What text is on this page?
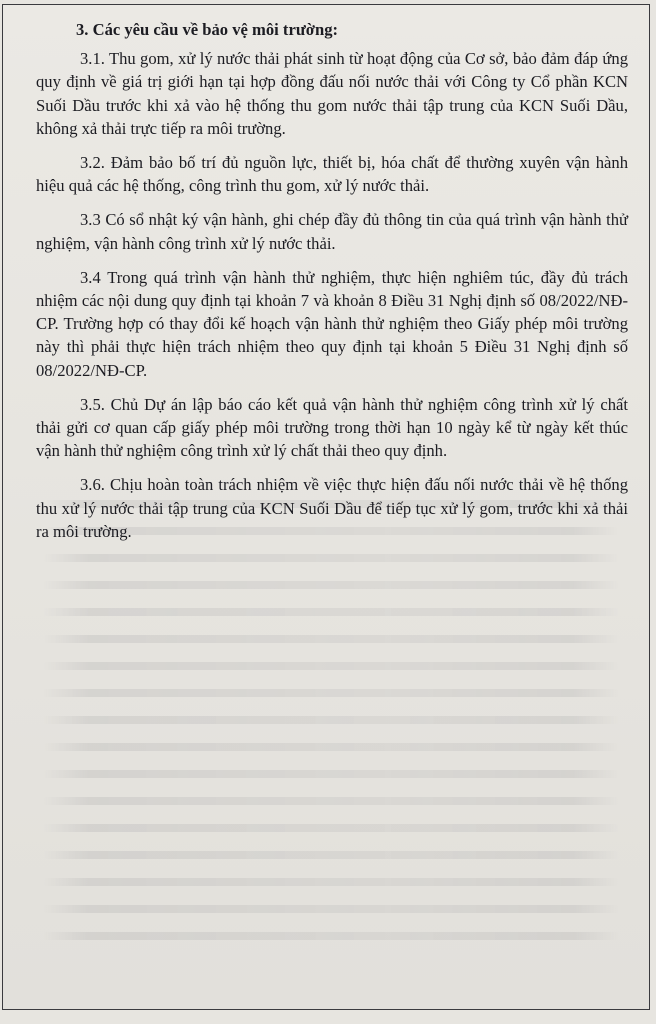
3. Các yêu cầu về bảo vệ môi trường:

3.1. Thu gom, xử lý nước thải phát sinh từ hoạt động của Cơ sở, bảo đảm đáp ứng quy định về giá trị giới hạn tại hợp đồng đấu nối nước thải với Công ty Cổ phần KCN Suối Dầu trước khi xả vào hệ thống thu gom nước thải tập trung của KCN Suối Dầu, không xả thải trực tiếp ra môi trường.

3.2. Đảm bảo bố trí đủ nguồn lực, thiết bị, hóa chất để thường xuyên vận hành hiệu quả các hệ thống, công trình thu gom, xử lý nước thải.

3.3 Có sổ nhật ký vận hành, ghi chép đầy đủ thông tin của quá trình vận hành thử nghiệm, vận hành công trình xử lý nước thải.

3.4 Trong quá trình vận hành thử nghiệm, thực hiện nghiêm túc, đầy đủ trách nhiệm các nội dung quy định tại khoản 7 và khoản 8 Điều 31 Nghị định số 08/2022/NĐ-CP. Trường hợp có thay đổi kế hoạch vận hành thử nghiệm theo Giấy phép môi trường này thì phải thực hiện trách nhiệm theo quy định tại khoản 5 Điều 31 Nghị định số 08/2022/NĐ-CP.

3.5. Chủ Dự án lập báo cáo kết quả vận hành thử nghiệm công trình xử lý chất thải gửi cơ quan cấp giấy phép môi trường trong thời hạn 10 ngày kể từ ngày kết thúc vận hành thử nghiệm công trình xử lý chất thải theo quy định.

3.6. Chịu hoàn toàn trách nhiệm về việc thực hiện đấu nối nước thải về hệ thống thu xử lý nước thải tập trung của KCN Suối Dầu để tiếp tục xử lý gom, trước khi xả thải ra môi trường.
